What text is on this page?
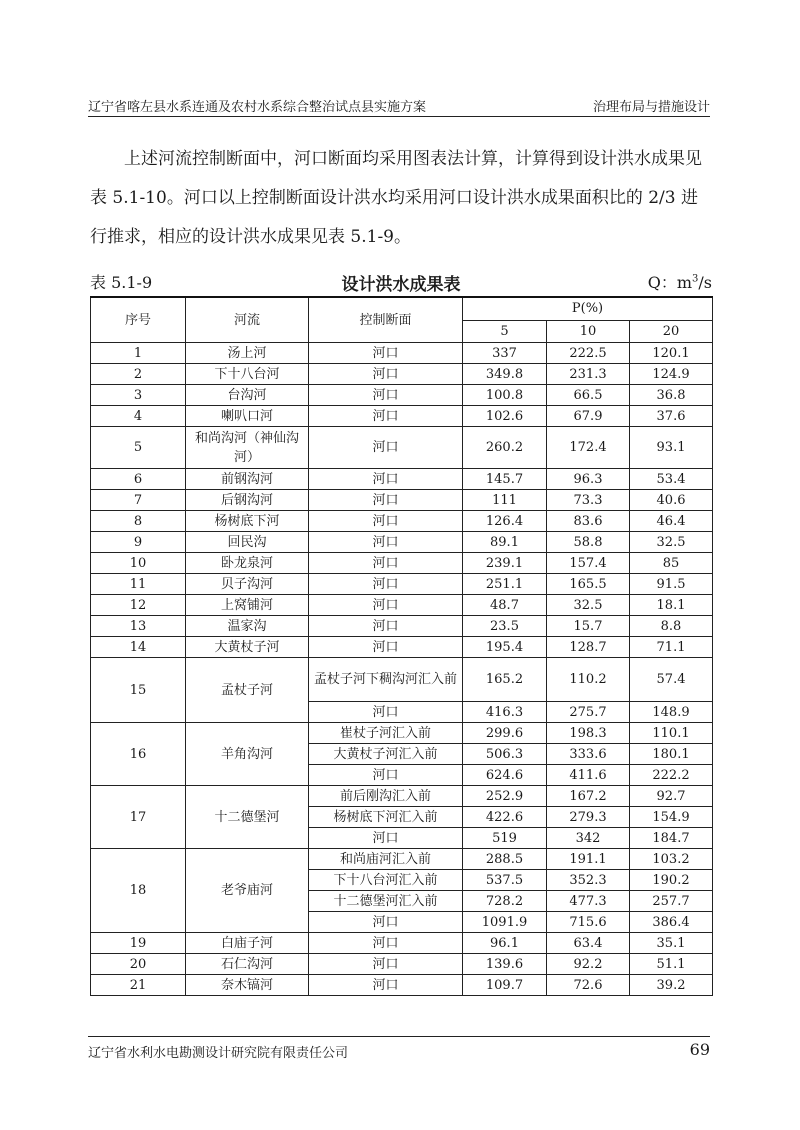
辽宁省喀左县水系连通及农村水系综合整治试点县实施方案	治理布局与措施设计

上述河流控制断面中，河口断面均采用图表法计算，计算得到设计洪水成果见表 5.1-10。河口以上控制断面设计洪水均采用河口设计洪水成果面积比的 2/3 进行推求，相应的设计洪水成果见表 5.1-9。

表 5.1-9	设计洪水成果表	Q：$m^3/s$
序号	河流	控制断面	P(%)		
			5	10	20
1	汤上河	河口	337	222.5	120.1
2	下十八台河	河口	349.8	231.3	124.9
3	台沟河	河口	100.8	66.5	36.8
4	喇叭口河	河口	102.6	67.9	37.6
5	和尚沟河（神仙沟河）	河口	260.2	172.4	93.1
6	前钢沟河	河口	145.7	96.3	53.4
7	后钢沟河	河口	111	73.3	40.6
8	杨树底下河	河口	126.4	83.6	46.4
9	回民沟	河口	89.1	58.8	32.5
10	卧龙泉河	河口	239.1	157.4	85
11	贝子沟河	河口	251.1	165.5	91.5
12	上窝铺河	河口	48.7	32.5	18.1
13	温家沟	河口	23.5	15.7	8.8
14	大黄杖子河	河口	195.4	128.7	71.1
15	孟杖子河	孟杖子河下稠沟河汇入前	165.2	110.2	57.4
		河口	416.3	275.7	148.9
16	羊角沟河	崔杖子河汇入前	299.6	198.3	110.1
		大黄杖子河汇入前	506.3	333.6	180.1
		河口	624.6	411.6	222.2
17	十二德堡河	前后刚沟汇入前	252.9	167.2	92.7
		杨树底下河汇入前	422.6	279.3	154.9
		河口	519	342	184.7
18	老爷庙河	和尚庙河汇入前	288.5	191.1	103.2
		下十八台河汇入前	537.5	352.3	190.2
		十二德堡河汇入前	728.2	477.3	257.7
		河口	1091.9	715.6	386.4
19	白庙子河	河口	96.1	63.4	35.1
20	石仁沟河	河口	139.6	92.2	51.1
21	奈木镐河	河口	109.7	72.6	39.2
辽宁省水利水电勘测设计研究院有限责任公司	69
